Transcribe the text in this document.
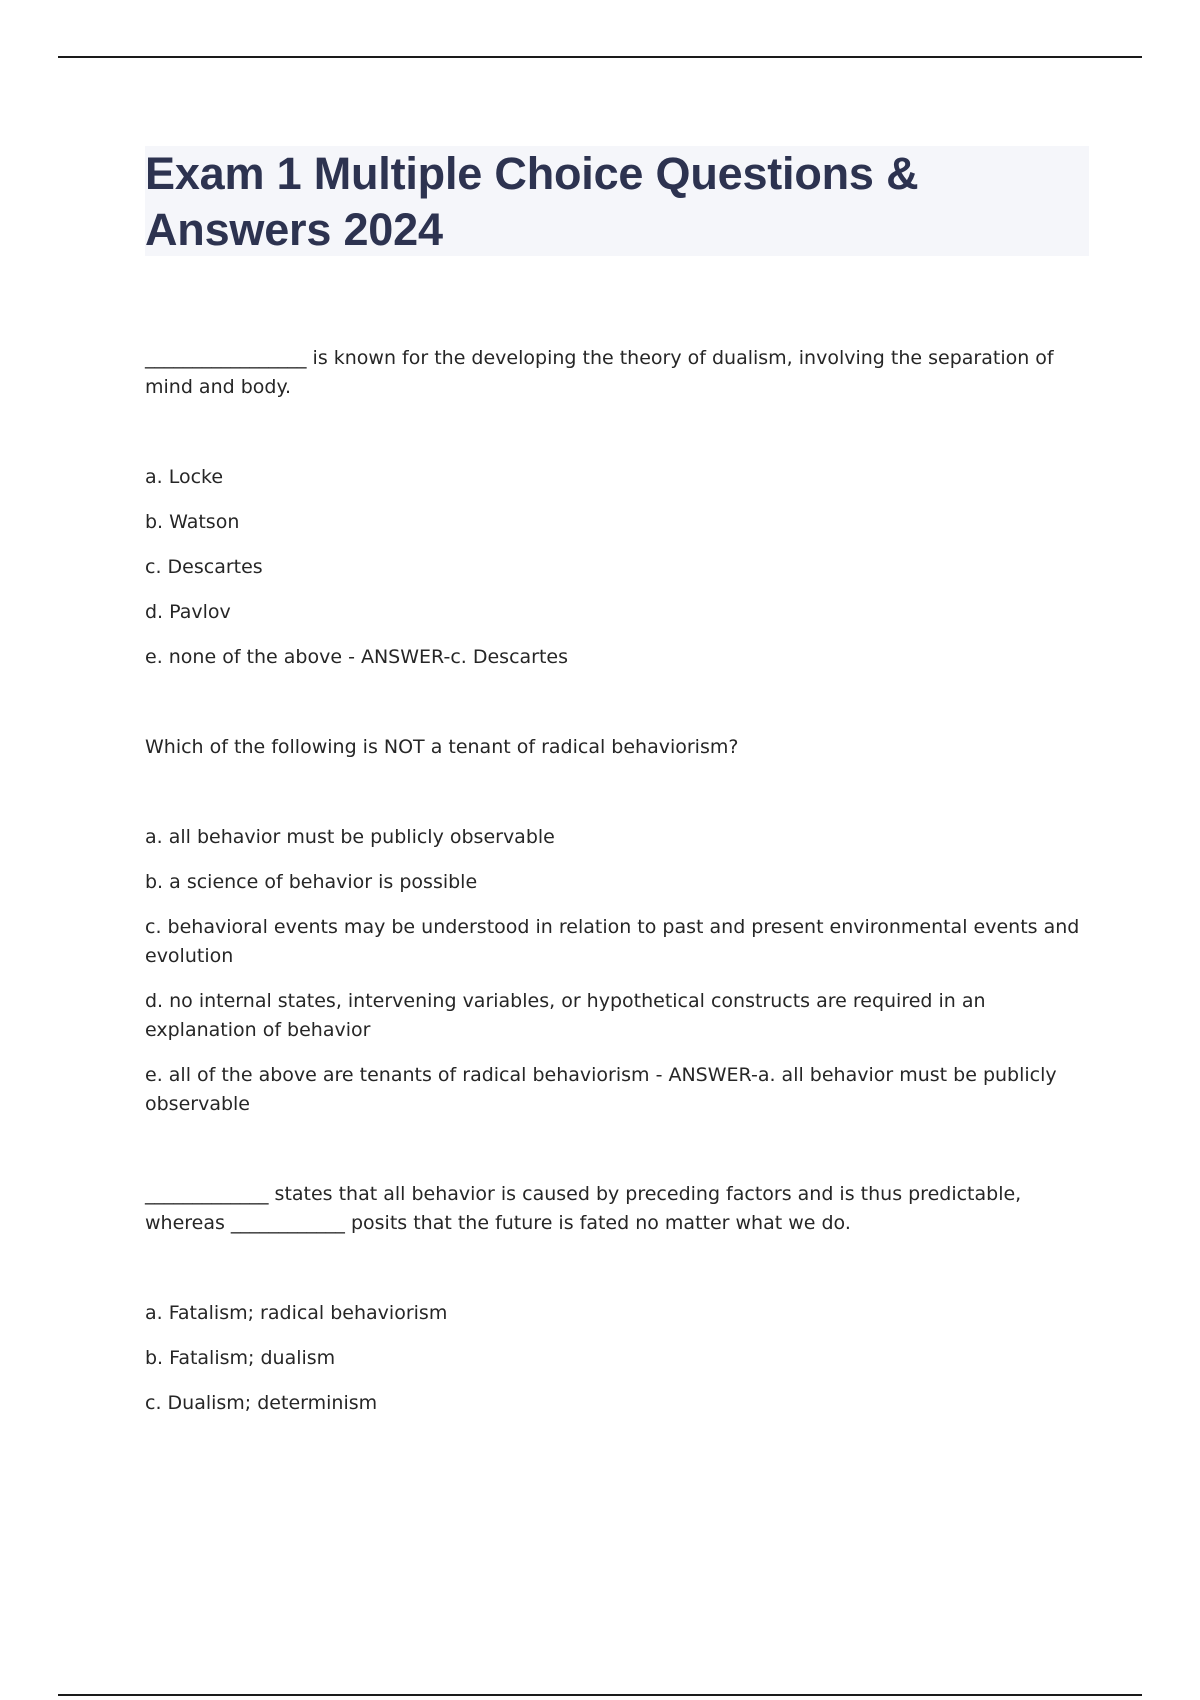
Exam 1 Multiple Choice Questions & Answers 2024

_________________ is known for the developing the theory of dualism, involving the separation of mind and body.

a. Locke

b. Watson

c. Descartes

d. Pavlov

e. none of the above - ANSWER-c. Descartes

Which of the following is NOT a tenant of radical behaviorism?

a. all behavior must be publicly observable

b. a science of behavior is possible

c. behavioral events may be understood in relation to past and present environmental events and evolution

d. no internal states, intervening variables, or hypothetical constructs are required in an explanation of behavior

e. all of the above are tenants of radical behaviorism - ANSWER-a. all behavior must be publicly observable

_____________ states that all behavior is caused by preceding factors and is thus predictable, whereas ____________ posits that the future is fated no matter what we do.

a. Fatalism; radical behaviorism

b. Fatalism; dualism

c. Dualism; determinism
